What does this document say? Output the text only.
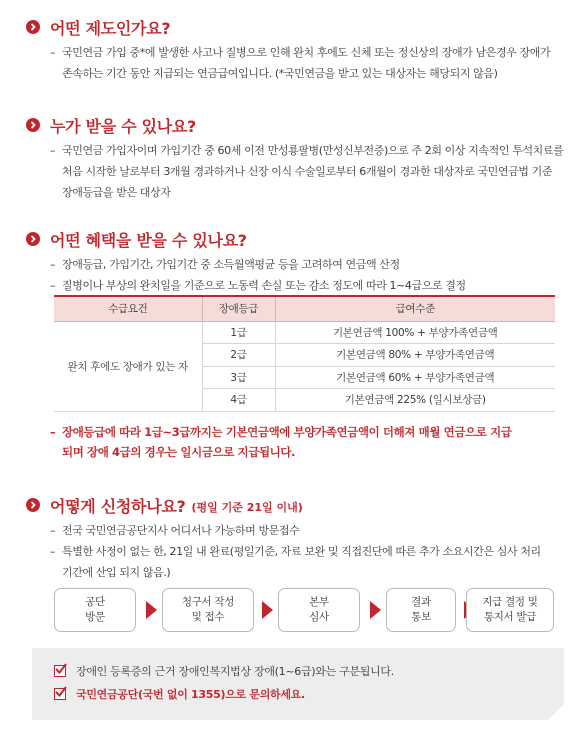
어떤 제도인가요?
– 국민연금 가입 중*에 발생한 사고나 질병으로 인해 완치 후에도 신체 또는 정신상의 장애가 남은경우 장애가
존속하는 기간 동안 지급되는 연금급여입니다. (*국민연금을 받고 있는 대상자는 해당되지 않음)
누가 받을 수 있나요?
– 국민연금 가입자이며 가입기간 중 60세 이전 만성룡팔병(만성신부전증)으로 주 2회 이상 지속적인 투석치료를
처음 시작한 날로부터 3개월 경과하거나 신장 이식 수술일로부터 6개월이 경과한 대상자로 국민연금법 기준
장애등급을 받은 대상자
어떤 혜택을 받을 수 있나요?
– 장애등급, 가입기간, 가입기간 중 소득월액평균 등을 고려하여 연금액 산정
– 질병이나 부상의 완치일을 기준으로 노동력 손실 또는 감소 정도에 따라 1~4급으로 결정
수급요건	장애등급	급여수준
완치 후에도 장애가 있는 자	1급	기본연금액 100% + 부양가족연금액
	2급	기본연금액 80% + 부양가족연금액
	3급	기본연금액 60% + 부양가족연금액
	4급	기본연금액 225% (일시보상금)
– 장애등급에 따라 1급~3급까지는 기본연금액에 부양가족연금액이 더해져 매월 연금으로 지급
되며 장애 4급의 경우는 일시금으로 지급됩니다.
어떻게 신청하나요? (평일 기준 21일 이내)
– 전국 국민연금공단지사 어디서나 가능하며 방문접수
– 특별한 사정이 없는 한, 21일 내 완료(평일기준, 자료 보완 및 직접진단에 따른 추가 소요시간은 심사 처리
기간에 산입 되지 않음.)
공단
방문
청구서 작성
및 접수
본부
심사
결과
통보
지급 결정 및
통지서 발급
장애인 등록증의 근거 장애인복지법상 장애(1~6급)와는 구분됩니다.
국민연금공단(국번 없이 1355)으로 문의하세요.
